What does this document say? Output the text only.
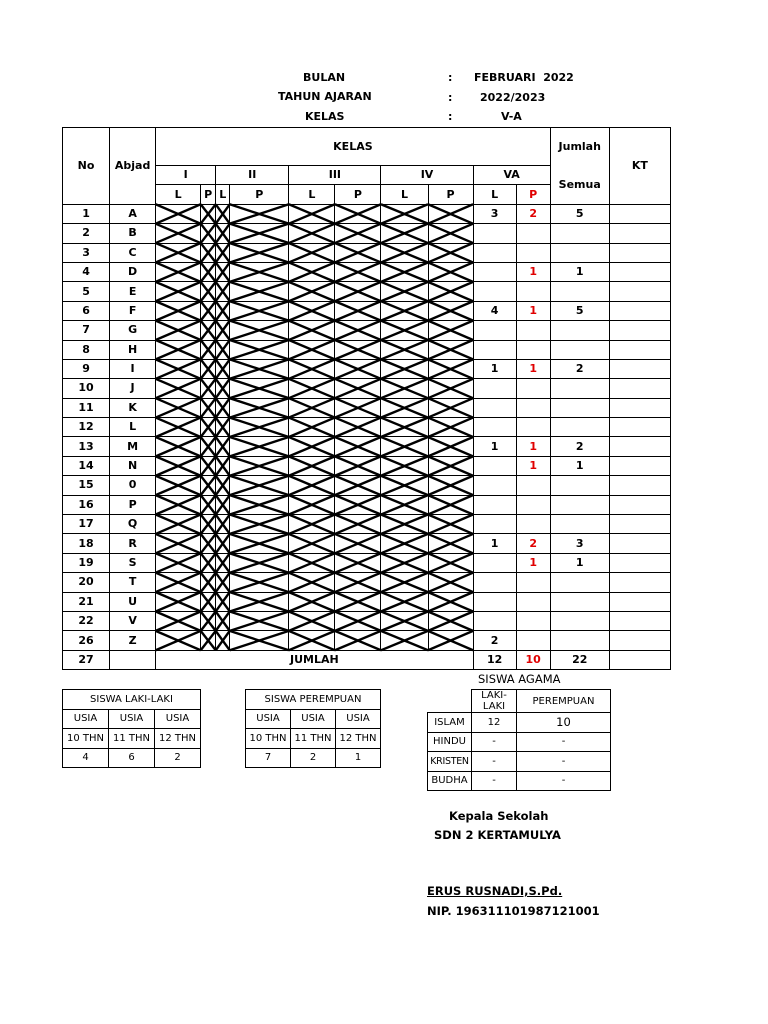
BULAN	: FEBRUARI  2022
TAHUN AJARAN	:	2022/2023
KELAS	:	V-A
No	Abjad	KELAS										Jumlah	KT
		I		II		III		IV		VA		Semua	
		L	P	L	P	L	P	L	P	L	P		
1	A									3	2	5	
2	B												
3	C												
4	D										1	1	
5	E												
6	F									4	1	5	
7	G												
8	H												
9	I									1	1	2	
10	J												
11	K												
12	L												
13	M									1	1	2	
14	N										1	1	
15	0												
16	P												
17	Q												
18	R									1	2	3	
19	S										1	1	
20	T												
21	U												
22	V												
26	Z									2			
27		JUMLAH								12	10	22	
SISWA AGAMA
SISWA LAKI-LAKI		
USIA	USIA	USIA
10 THN	11 THN	12 THN
4	6	2
SISWA PEREMPUAN		
USIA	USIA	USIA
10 THN	11 THN	12 THN
7	2	1
	LAKI-LAKI	PEREMPUAN
ISLAM	12	10
HINDU	-	-
KRISTEN	-	-
BUDHA	-	-
Kepala Sekolah
SDN 2 KERTAMULYA
ERUS RUSNADI,S.Pd.
NIP. 196311101987121001
